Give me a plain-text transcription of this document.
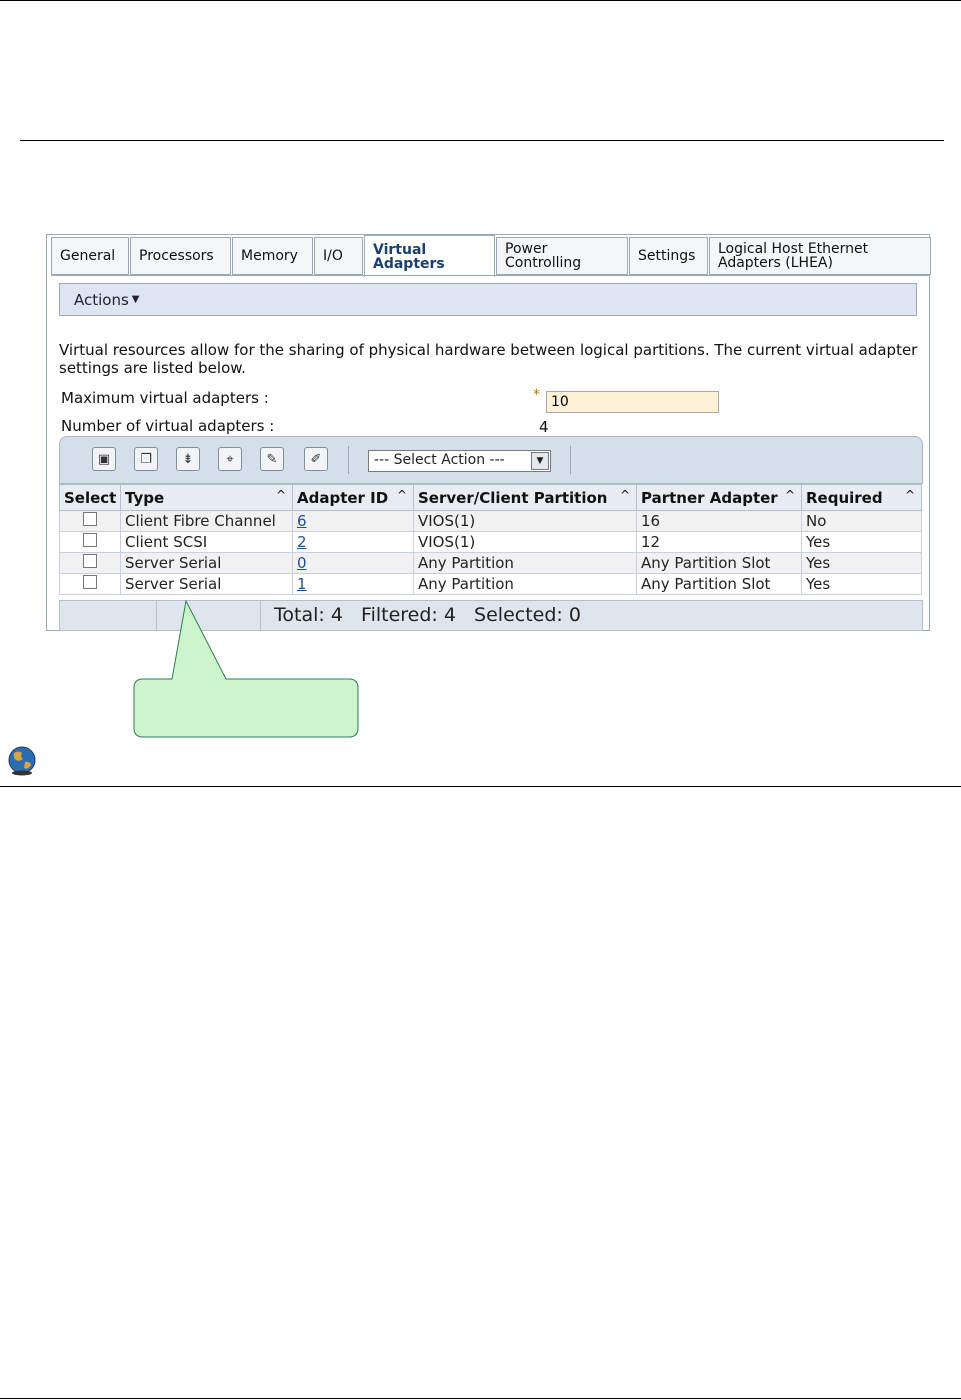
General Processors Memory I/O Virtual Adapters
Power Controlling	Settings Logical Host Ethernet Adapters (LHEA)
Actions ▼
Virtual resources allow for the sharing of physical hardware between logical partitions. The current virtual adapter settings are listed below.
Maximum virtual adapters :	* 10
Number of virtual adapters :	4
▣	❐	⇟	⌖	✎	✐	--- Select Action ---	▼
Select	Type ^	Adapter ID ^	Server/Client Partition ^	Partner Adapter ^	Required ^

	Client Fibre Channel	6	VIOS(1)	16	No
	Client SCSI	2	VIOS(1)	12	Yes
	Server Serial	0	Any Partition	Any Partition Slot	Yes
	Server Serial	1	Any Partition	Any Partition Slot	Yes
Total: 4   Filtered: 4   Selected: 0
